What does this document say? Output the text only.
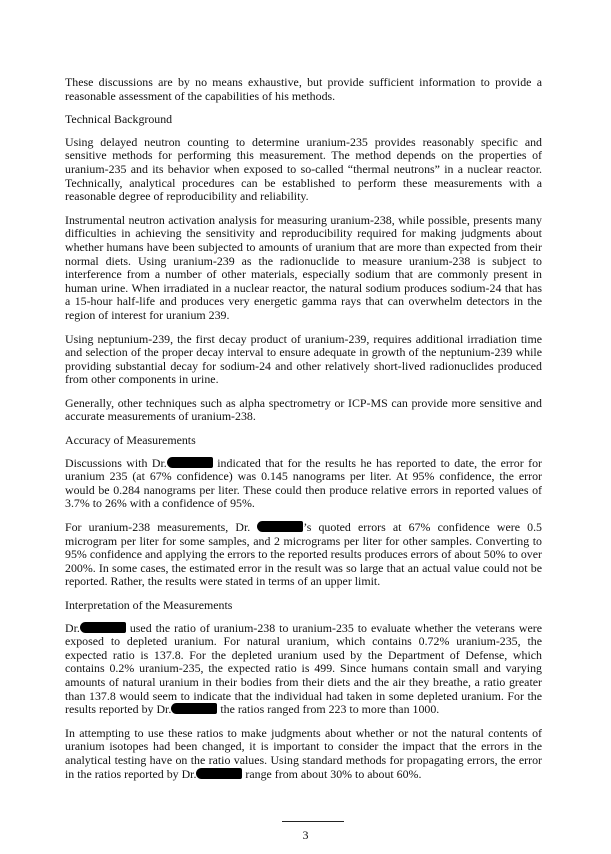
These discussions are by no means exhaustive, but provide sufficient information to provide a reasonable assessment of the capabilities of his methods.

Technical Background

Using delayed neutron counting to determine uranium-235 provides reasonably specific and sensitive methods for performing this measurement. The method depends on the properties of uranium-235 and its behavior when exposed to so-called “thermal neutrons” in a nuclear reactor. Technically, analytical procedures can be established to perform these measurements with a reasonable degree of reproducibility and reliability.

Instrumental neutron activation analysis for measuring uranium-238, while possible, presents many difficulties in achieving the sensitivity and reproducibility required for making judgments about whether humans have been subjected to amounts of uranium that are more than expected from their normal diets. Using uranium-239 as the radionuclide to measure uranium-238 is subject to interference from a number of other materials, especially sodium that are commonly present in human urine. When irradiated in a nuclear reactor, the natural sodium produces sodium-24 that has a 15-hour half-life and produces very energetic gamma rays that can overwhelm detectors in the region of interest for uranium 239.

Using neptunium-239, the first decay product of uranium-239, requires additional irradiation time and selection of the proper decay interval to ensure adequate in growth of the neptunium-239 while providing substantial decay for sodium-24 and other relatively short-lived radionuclides produced from other components in urine.

Generally, other techniques such as alpha spectrometry or ICP-MS can provide more sensitive and accurate measurements of uranium-238.

Accuracy of Measurements

Discussions with Dr.	indicated that for the results he has reported to date, the error for uranium 235 (at 67% confidence) was 0.145 nanograms per liter. At 95% confidence, the error would be 0.284 nanograms per liter. These could then produce relative errors in reported values of 3.7% to 26% with a confidence of 95%.

For uranium-238 measurements, Dr.	’s quoted errors at 67% confidence were 0.5 microgram per liter for some samples, and 2 micrograms per liter for other samples. Converting to 95% confidence and applying the errors to the reported results produces errors of about 50% to over 200%. In some cases, the estimated error in the result was so large that an actual value could not be reported. Rather, the results were stated in terms of an upper limit.

Interpretation of the Measurements

Dr.	used the ratio of uranium-238 to uranium-235 to evaluate whether the veterans were exposed to depleted uranium. For natural uranium, which contains 0.72% uranium-235, the expected ratio is 137.8. For the depleted uranium used by the Department of Defense, which contains 0.2% uranium-235, the expected ratio is 499. Since humans contain small and varying amounts of natural uranium in their bodies from their diets and the air they breathe, a ratio greater than 137.8 would seem to indicate that the individual had taken in some depleted uranium. For the results reported by Dr.	the ratios ranged from 223 to more than 1000.

In attempting to use these ratios to make judgments about whether or not the natural contents of uranium isotopes had been changed, it is important to consider the impact that the errors in the analytical testing have on the ratio values. Using standard methods for propagating errors, the error in the ratios reported by Dr.	range from about 30% to about 60%.

3
